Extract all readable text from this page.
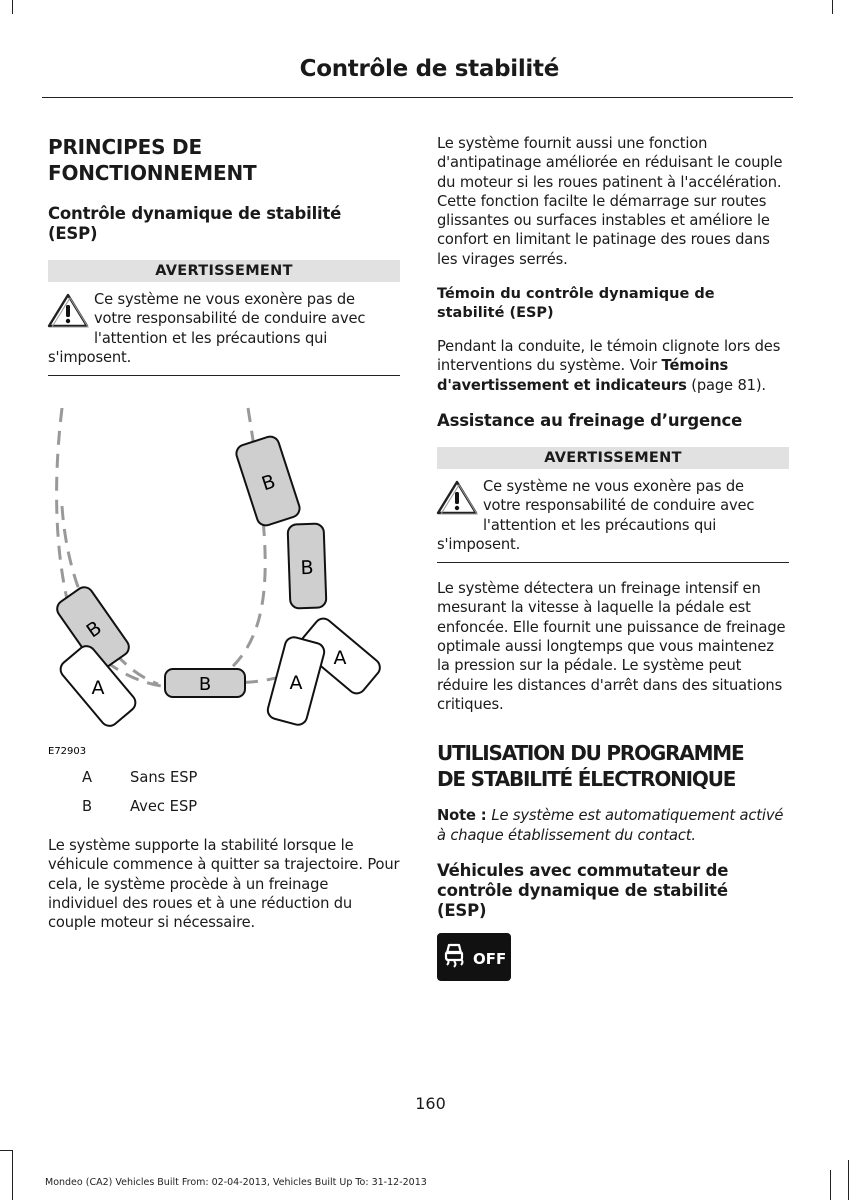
Contrôle de stabilité
PRINCIPES DE
FONCTIONNEMENT
Contrôle dynamique de stabilité
(ESP)
AVERTISSEMENT
Ce système ne vous exonère pas de
votre responsabilité de conduire avec
l'attention et les précautions qui
s'imposent.
B
B
B
B
A
A
A
E72903
A	Sans ESP
B	Avec ESP
Le système supporte la stabilité lorsque le véhicule commence à quitter sa trajectoire. Pour cela, le système procède à un freinage individuel des roues et à une réduction du couple moteur si nécessaire.
Le système fournit aussi une fonction d'antipatinage améliorée en réduisant le couple du moteur si les roues patinent à l'accélération. Cette fonction facilte le démarrage sur routes glissantes ou surfaces instables et améliore le confort en limitant le patinage des roues dans les virages serrés.
Témoin du contrôle dynamique de
stabilité (ESP)
Pendant la conduite, le témoin clignote lors des interventions du système. Voir Témoins d'avertissement et indicateurs (page 81).
Assistance au freinage d’urgence
AVERTISSEMENT
Ce système ne vous exonère pas de
votre responsabilité de conduire avec
l'attention et les précautions qui
s'imposent.
Le système détectera un freinage intensif en mesurant la vitesse à laquelle la pédale est enfoncée. Elle fournit une puissance de freinage optimale aussi longtemps que vous maintenez la pression sur la pédale. Le système peut réduire les distances d'arrêt dans des situations critiques.
UTILISATION DU PROGRAMME
DE STABILITÉ ÉLECTRONIQUE
Note : Le système est automatiquement activé à chaque établissement du contact.
Véhicules avec commutateur de
contrôle dynamique de stabilité
(ESP)
OFF
160
Mondeo (CA2) Vehicles Built From: 02-04-2013, Vehicles Built Up To: 31-12-2013
